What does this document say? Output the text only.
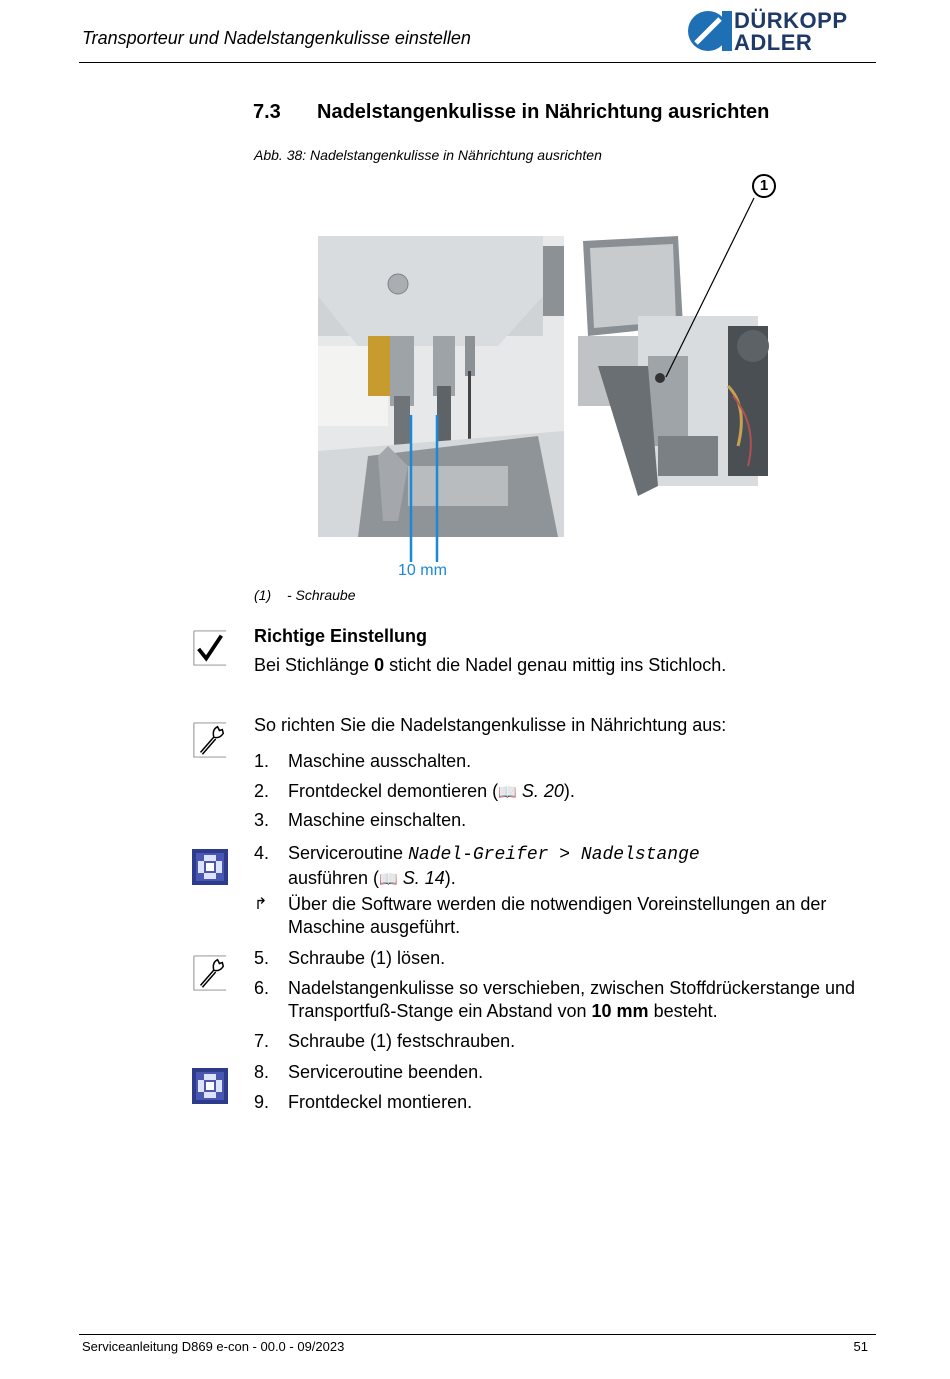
Transporteur und Nadelstangenkulisse einstellen
DÜRKOPP
ADLER
7.3 Nadelstangenkulisse in Nährichtung ausrichten
Abb. 38: Nadelstangenkulisse in Nährichtung ausrichten
1
10 mm
(1) - Schraube
Richtige Einstellung
Bei Stichlänge 0 sticht die Nadel genau mittig ins Stichloch.
So richten Sie die Nadelstangenkulisse in Nährichtung aus:
1. Maschine ausschalten.
2. Frontdeckel demontieren (📖 S. 20).
3. Maschine einschalten.
4. Serviceroutine Nadel-Greifer > Nadelstange
ausführen (📖 S. 14).
↱ Über die Software werden die notwendigen Voreinstellungen an der Maschine ausgeführt.
5. Schraube (1) lösen.
6. Nadelstangenkulisse so verschieben, zwischen Stoffdrückerstange und Transportfuß-Stange ein Abstand von 10 mm besteht.
7. Schraube (1) festschrauben.
8. Serviceroutine beenden.
9. Frontdeckel montieren.
Serviceanleitung D869 e-con - 00.0 - 09/2023	51
